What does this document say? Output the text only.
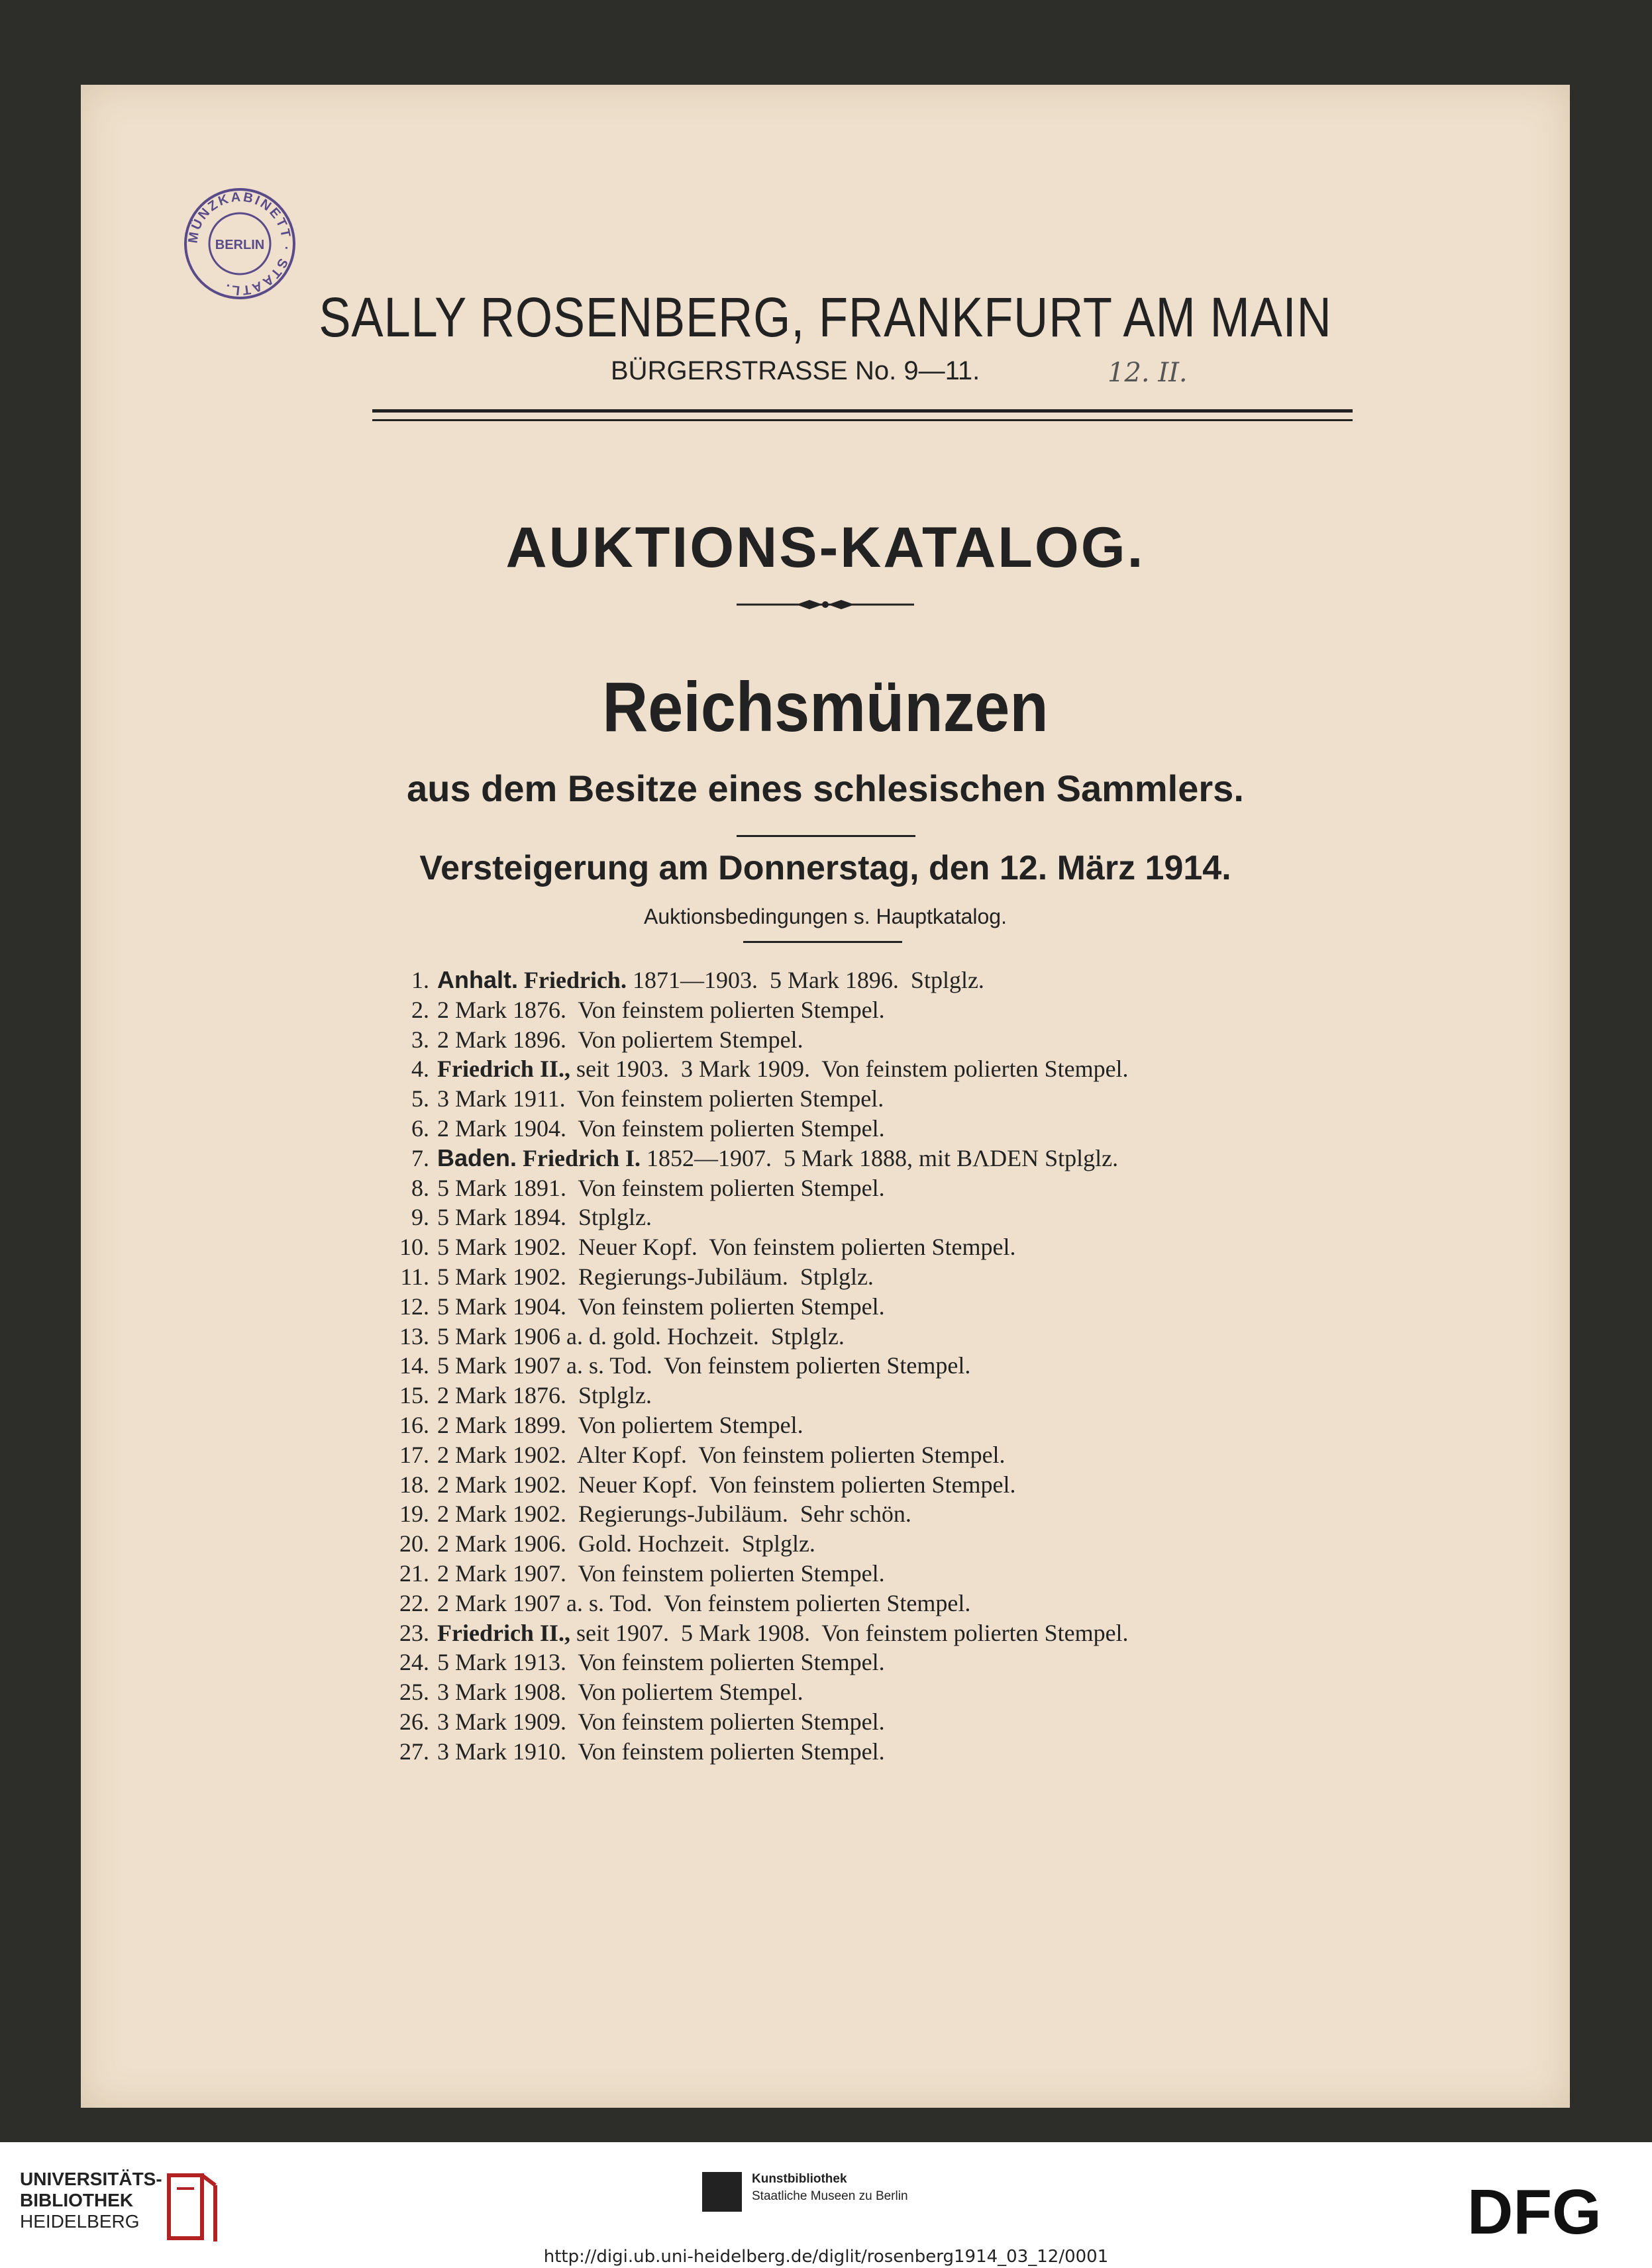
MÜNZKABINETT · STAATL.
BERLIN
SALLY ROSENBERG, FRANKFURT AM MAIN
BÜRGERSTRASSE No. 9—11.	12. II.
AUKTIONS-KATALOG.
Reichsmünzen
aus dem Besitze eines schlesischen Sammlers.
Versteigerung am Donnerstag, den 12. März 1914.
Auktionsbedingungen s. Hauptkatalog.
1. Anhalt. Friedrich. 1871—1903.  5 Mark 1896.  Stplglz.
2. 2 Mark 1876.  Von feinstem polierten Stempel.
3. 2 Mark 1896.  Von poliertem Stempel.
4. Friedrich II., seit 1903.  3 Mark 1909.  Von feinstem polierten Stempel.
5. 3 Mark 1911.  Von feinstem polierten Stempel.
6. 2 Mark 1904.  Von feinstem polierten Stempel.
7. Baden. Friedrich I. 1852—1907.  5 Mark 1888, mit BΛDEN Stplglz.
8. 5 Mark 1891.  Von feinstem polierten Stempel.
9. 5 Mark 1894.  Stplglz.
10. 5 Mark 1902.  Neuer Kopf.  Von feinstem polierten Stempel.
11. 5 Mark 1902.  Regierungs-Jubiläum.  Stplglz.
12. 5 Mark 1904.  Von feinstem polierten Stempel.
13. 5 Mark 1906 a. d. gold. Hochzeit.  Stplglz.
14. 5 Mark 1907 a. s. Tod.  Von feinstem polierten Stempel.
15. 2 Mark 1876.  Stplglz.
16. 2 Mark 1899.  Von poliertem Stempel.
17. 2 Mark 1902.  Alter Kopf.  Von feinstem polierten Stempel.
18. 2 Mark 1902.  Neuer Kopf.  Von feinstem polierten Stempel.
19. 2 Mark 1902.  Regierungs-Jubiläum.  Sehr schön.
20. 2 Mark 1906.  Gold. Hochzeit.  Stplglz.
21. 2 Mark 1907.  Von feinstem polierten Stempel.
22. 2 Mark 1907 a. s. Tod.  Von feinstem polierten Stempel.
23. Friedrich II., seit 1907.  5 Mark 1908.  Von feinstem polierten Stempel.
24. 5 Mark 1913.  Von feinstem polierten Stempel.
25. 3 Mark 1908.  Von poliertem Stempel.
26. 3 Mark 1909.  Von feinstem polierten Stempel.
27. 3 Mark 1910.  Von feinstem polierten Stempel.
UNIVERSITÄTS-
BIBLIOTHEK
HEIDELBERG
Kunstbibliothek
Staatliche Museen zu Berlin	DFG
http://digi.ub.uni-heidelberg.de/diglit/rosenberg1914_03_12/0001
